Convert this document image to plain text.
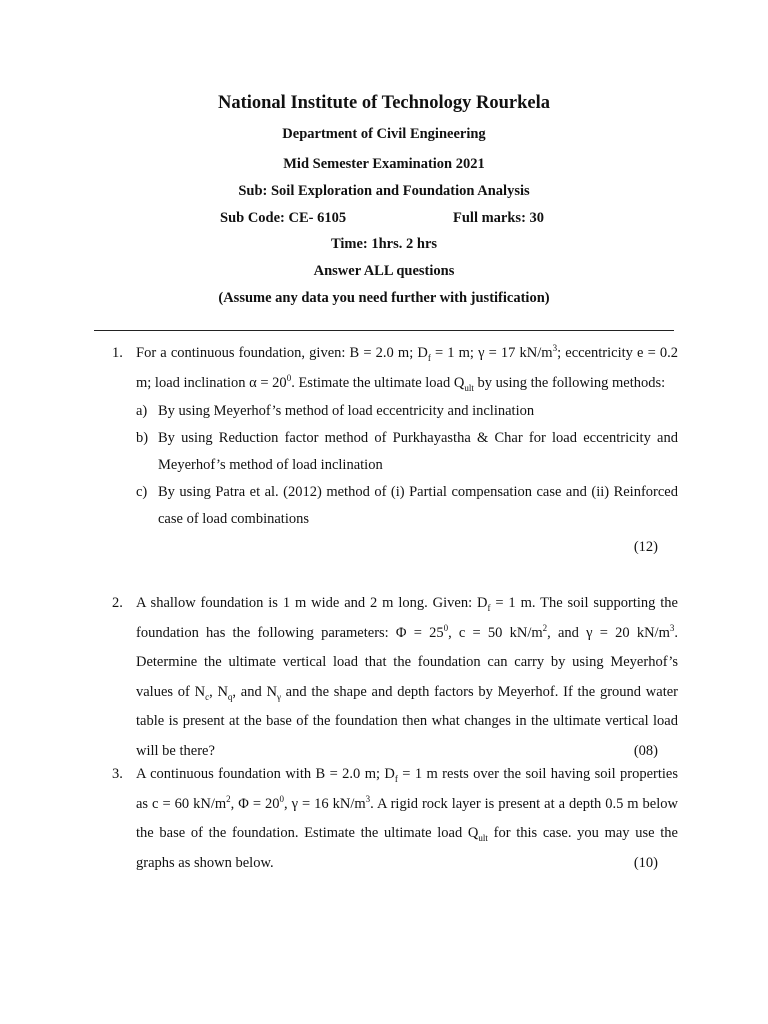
National Institute of Technology Rourkela
Department of Civil Engineering
Mid Semester Examination 2021
Sub: Soil Exploration and Foundation Analysis
Sub Code: CE- 6105	Full marks: 30
Time: 1hrs. 2 hrs
Answer ALL questions
(Assume any data you need further with justification)
1. For a continuous foundation, given: B = 2.0 m; $D_f = 1$ m; γ = 17 $kN/m^3$; eccentricity e = 0.2 m; load inclination $\alpha = 20^0$. Estimate the ultimate load $Q_{ult}$ by using the following methods:
a) By using Meyerhof’s method of load eccentricity and inclination
b) By using Reduction factor method of Purkhayastha & Char for load eccentricity and Meyerhof’s method of load inclination
c) By using Patra et al. (2012) method of (i) Partial compensation case and (ii) Reinforced case of load combinations
(12)
2. A shallow foundation is 1 m wide and 2 m long. Given: $D_f = 1$ m. The soil supporting the foundation has the following parameters: $\Phi = 25^0$, c = 50 $kN/m^2$, and γ = 20 $kN/m^3$. Determine the ultimate vertical load that the foundation can carry by using Meyerhof’s values of $N_c$, $N_q$, and $N_\gamma$ and the shape and depth factors by Meyerhof. If the ground water table is present at the base of the foundation then what changes in the ultimate vertical load will be there?	(08)
3. A continuous foundation with B = 2.0 m; $D_f = 1$ m rests over the soil having soil properties as c = 60 $kN/m^2$, $\Phi = 20^0$, γ = 16 $kN/m^3$. A rigid rock layer is present at a depth 0.5 m below the base of the foundation. Estimate the ultimate load $Q_{ult}$ for this case. you may use the graphs as shown below.	(10)
